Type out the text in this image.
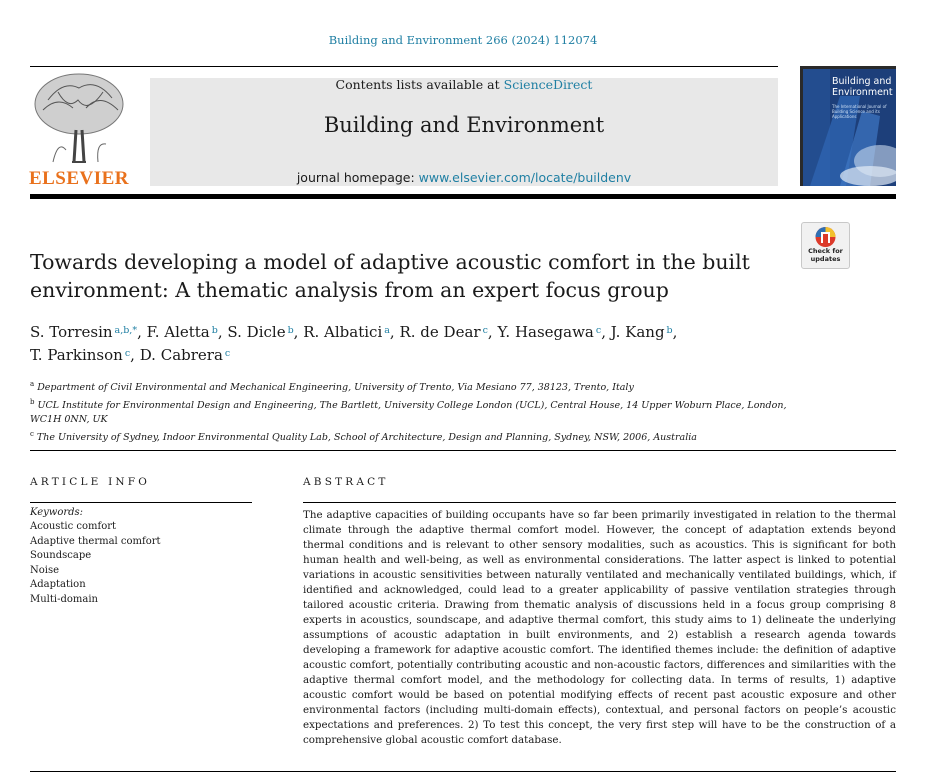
Building and Environment 266 (2024) 112074
ELSEVIER
Contents lists available at ScienceDirect
Building and Environment
journal homepage: www.elsevier.com/locate/buildenv
Building and Environment
The International Journal of Building Science and its Applications
Check for updates
Towards developing a model of adaptive acoustic comfort in the built environment: A thematic analysis from an expert focus group
S. Torresin $^{a,b,*}$, F. Aletta $^b$, S. Dicle $^b$, R. Albatici $^a$, R. de Dear $^c$, Y. Hasegawa $^c$, J. Kang $^b$,
T. Parkinson $^c$, D. Cabrera $^c$
$^a$ Department of Civil Environmental and Mechanical Engineering, University of Trento, Via Mesiano 77, 38123, Trento, Italy
$^b$ UCL Institute for Environmental Design and Engineering, The Bartlett, University College London (UCL), Central House, 14 Upper Woburn Place, London, WC1H 0NN, UK
$^c$ The University of Sydney, Indoor Environmental Quality Lab, School of Architecture, Design and Planning, Sydney, NSW, 2006, Australia
ARTICLE INFO
Keywords:
Acoustic comfort
Adaptive thermal comfort
Soundscape
Noise
Adaptation
Multi-domain
ABSTRACT

The adaptive capacities of building occupants have so far been primarily investigated in relation to the thermal climate through the adaptive thermal comfort model. However, the concept of adaptation extends beyond thermal conditions and is relevant to other sensory modalities, such as acoustics. This is significant for both human health and well-being, as well as environmental considerations. The latter aspect is linked to potential variations in acoustic sensitivities between naturally ventilated and mechanically ventilated buildings, which, if identified and acknowledged, could lead to a greater applicability of passive ventilation strategies through tailored acoustic criteria. Drawing from thematic analysis of discussions held in a focus group comprising 8 experts in acoustics, soundscape, and adaptive thermal comfort, this study aims to 1) delineate the underlying assumptions of acoustic adaptation in built environments, and 2) establish a research agenda towards developing a framework for adaptive acoustic comfort. The identified themes include: the definition of adaptive acoustic comfort, potentially contributing acoustic and non-acoustic factors, differences and similarities with the adaptive thermal comfort model, and the methodology for collecting data. In terms of results, 1) adaptive acoustic comfort would be based on potential modifying effects of recent past acoustic exposure and other environmental factors (including multi-domain effects), contextual, and personal factors on people’s acoustic expectations and preferences. 2) To test this concept, the very first step will have to be the construction of a comprehensive global acoustic comfort database.
